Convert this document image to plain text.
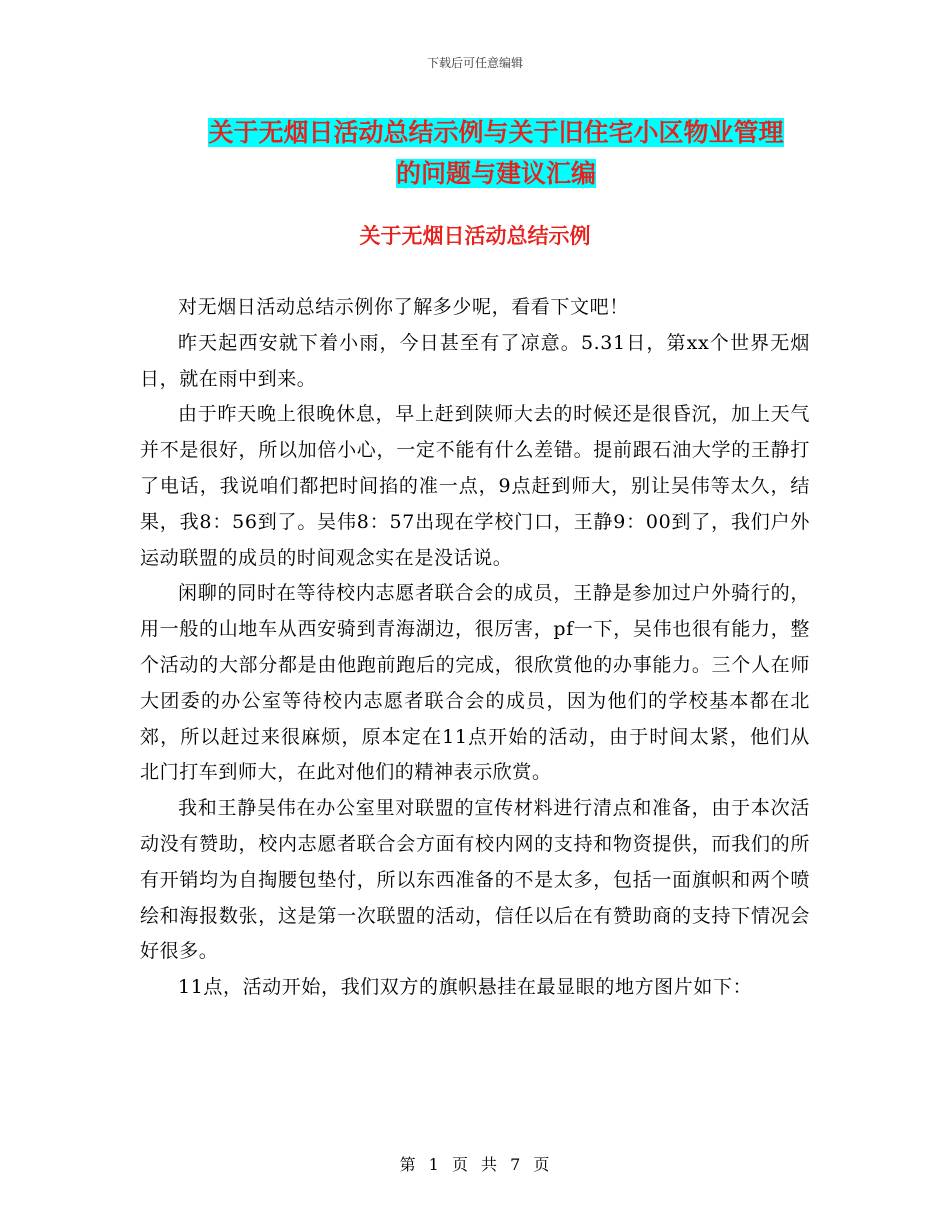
下载后可任意编辑
关于无烟日活动总结示例与关于旧住宅小区物业管理
的问题与建议汇编
关于无烟日活动总结示例

对无烟日活动总结示例你了解多少呢，看看下文吧！

昨天起西安就下着小雨，今日甚至有了凉意。5.31日，第xx个世界无烟日，就在雨中到来。

由于昨天晚上很晚休息，早上赶到陕师大去的时候还是很昏沉，加上天气并不是很好，所以加倍小心，一定不能有什么差错。提前跟石油大学的王静打了电话，我说咱们都把时间掐的准一点，9点赶到师大，别让吴伟等太久，结果，我8：56到了。吴伟8：57出现在学校门口，王静9：00到了，我们户外运动联盟的成员的时间观念实在是没话说。

闲聊的同时在等待校内志愿者联合会的成员，王静是参加过户外骑行的，用一般的山地车从西安骑到青海湖边，很厉害，pf一下，吴伟也很有能力，整个活动的大部分都是由他跑前跑后的完成，很欣赏他的办事能力。三个人在师大团委的办公室等待校内志愿者联合会的成员，因为他们的学校基本都在北郊，所以赶过来很麻烦，原本定在11点开始的活动，由于时间太紧，他们从北门打车到师大，在此对他们的精神表示欣赏。

我和王静吴伟在办公室里对联盟的宣传材料进行清点和准备，由于本次活动没有赞助，校内志愿者联合会方面有校内网的支持和物资提供，而我们的所有开销均为自掏腰包垫付，所以东西准备的不是太多，包括一面旗帜和两个喷绘和海报数张，这是第一次联盟的活动，信任以后在有赞助商的支持下情况会好很多。

11点，活动开始，我们双方的旗帜悬挂在最显眼的地方图片如下：

第 1 页 共 7 页
